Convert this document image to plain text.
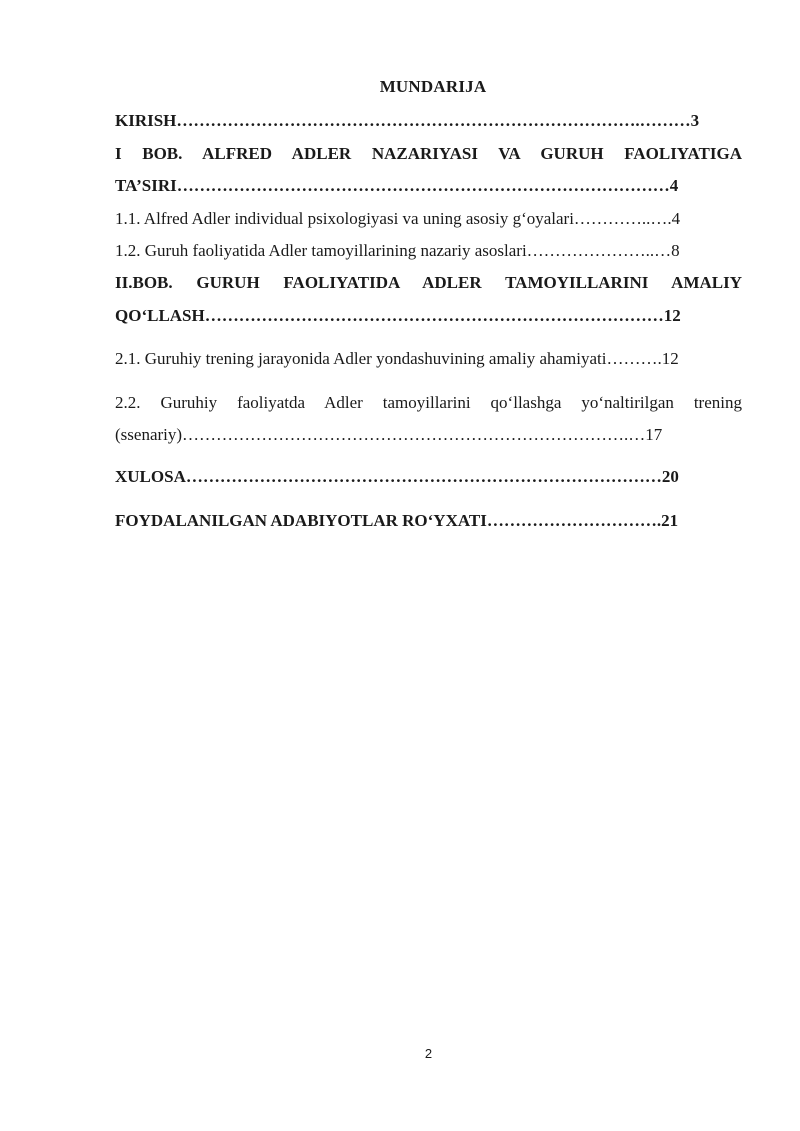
MUNDARIJA
KIRISH……………………………………………………………………….………3
I BOB. ALFRED ADLER NAZARIYASI VA GURUH FAOLIYATIGA
TA’SIRI……………………………………………………………………………4
1.1. Alfred Adler individual psixologiyasi va uning asosiy g‘oyalari…………..….4
1.2. Guruh faoliyatida Adler tamoyillarining nazariy asoslari…………………..…8
II.BOB. GURUH FAOLIYATIDA ADLER TAMOYILLARINI AMALIY
QO‘LLASH………………………………………………………………………12
2.1. Guruhiy trening jarayonida Adler yondashuvining amaliy ahamiyati……….12
2.2. Guruhiy faoliyatda Adler tamoyillarini qo‘llashga yo‘naltirilgan trening
(ssenariy)…………………………………………………………………….…17
XULOSA…………………………………………………………………………20
FOYDALANILGAN ADABIYOTLAR RO‘YXATI………………………….21
2
